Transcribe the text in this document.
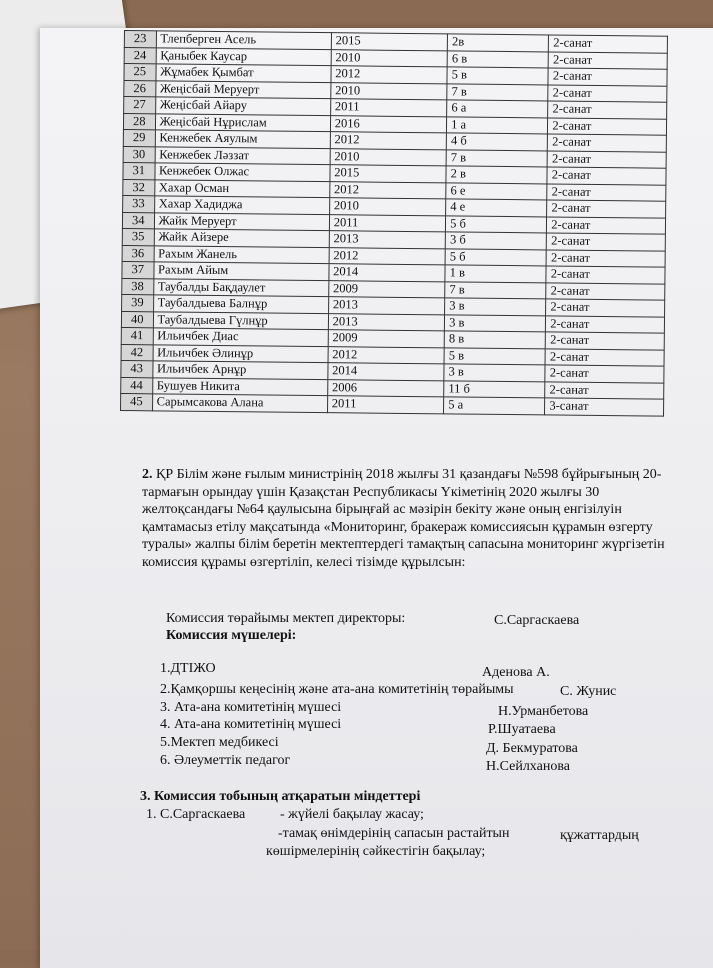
23	Тлепберген Асель	2015	2в	2-санат
24	Қаныбек Каусар	2010	6 в	2-санат
25	Жұмабек Қымбат	2012	5 в	2-санат
26	Жеңісбай Меруерт	2010	7 в	2-санат
27	Жеңісбай Айару	2011	6 а	2-санат
28	Жеңісбай Нұрислам	2016	1 а	2-санат
29	Кенжебек Аяулым	2012	4 б	2-санат
30	Кенжебек Ләззат	2010	7 в	2-санат
31	Кенжебек Олжас	2015	2 в	2-санат
32	Хахар Осман	2012	6 е	2-санат
33	Хахар Хадиджа	2010	4 е	2-санат
34	Жайк Меруерт	2011	5 б	2-санат
35	Жайк Айзере	2013	3 б	2-санат
36	Рахым Жанель	2012	5 б	2-санат
37	Рахым Айым	2014	1 в	2-санат
38	Таубалды Бақдаулет	2009	7 в	2-санат
39	Таубалдыева Балнұр	2013	3 в	2-санат
40	Таубалдыева Гүлнұр	2013	3 в	2-санат
41	Ильичбек Диас	2009	8 в	2-санат
42	Ильичбек Әлинұр	2012	5 в	2-санат
43	Ильичбек Арнұр	2014	3 в	2-санат
44	Бушуев Никита	2006	11 б	2-санат
45	Сарымсакова Алана	2011	5 а	3-санат
2. ҚР Білім және ғылым министрінің 2018 жылғы 31 қазандағы №598 бұйрығының 20- тармағын орындау үшін Қазақстан Республикасы Үкіметінің 2020 жылғы 30 желтоқсандағы №64 қаулысына бірыңғай ас мәзірін бекіту және оның енгізілуін қамтамасыз етілу мақсатында «Мониторинг, бракераж комиссиясын құрамын өзгерту туралы» жалпы білім беретін мектептердегі тамақтың сапасына мониторинг жүргізетін комиссия құрамы өзгертіліп, келесі тізімде құрылсын:
Комиссия төрайымы мектеп директоры:	С.Саргаскаева
Комиссия мүшелері:
1.ДТІЖО	Аденова А.
2.Қамқоршы кеңесінің және ата-ана комитетінің төрайымы	С. Жунис
3. Ата-ана комитетінің мүшесі	Н.Урманбетова
4. Ата-ана комитетінің мүшесі	Р.Шуатаева
5.Мектеп медбикесі	Д. Бекмуратова
6. Әлеуметтік педагог	Н.Сейлханова
3. Комиссия тобының атқаратын міндеттері
1. С.Саргаскаева - жүйелі бақылау жасау;
-тамақ өнімдерінің сапасын растайтын	құжаттардың
көшірмелерінің сәйкестігін бақылау;
